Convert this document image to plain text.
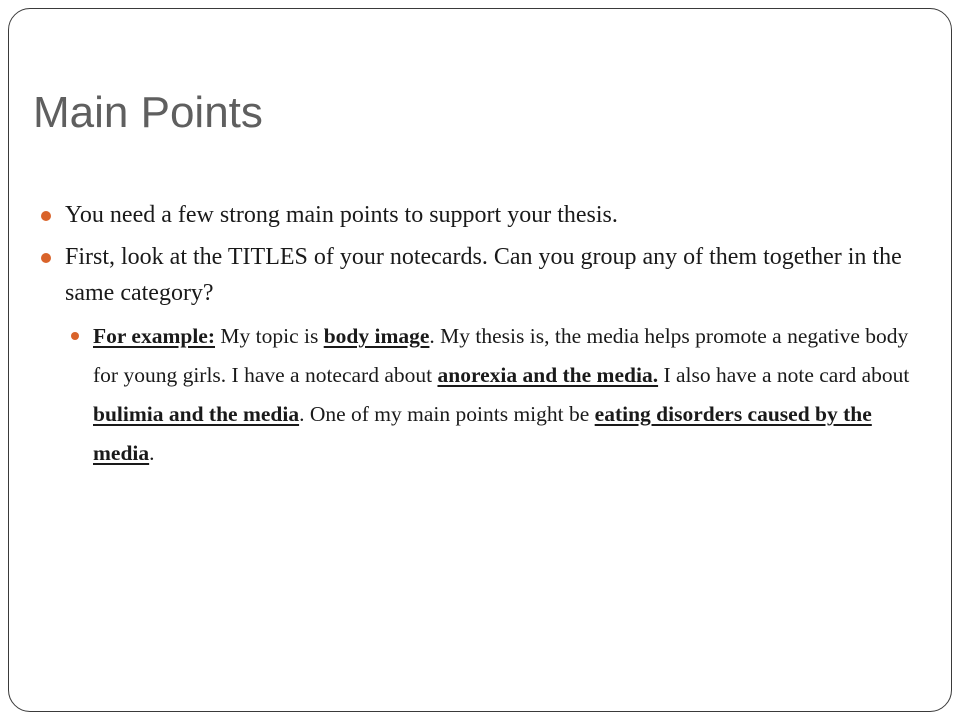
Main Points
You need a few strong main points to support your thesis.
First, look at the TITLES of your notecards. Can you group any of them together in the same category?
For example: My topic is body image. My thesis is, the media helps promote a negative body for young girls. I have a notecard about anorexia and the media. I also have a note card about bulimia and the media. One of my main points might be eating disorders caused by the media.
